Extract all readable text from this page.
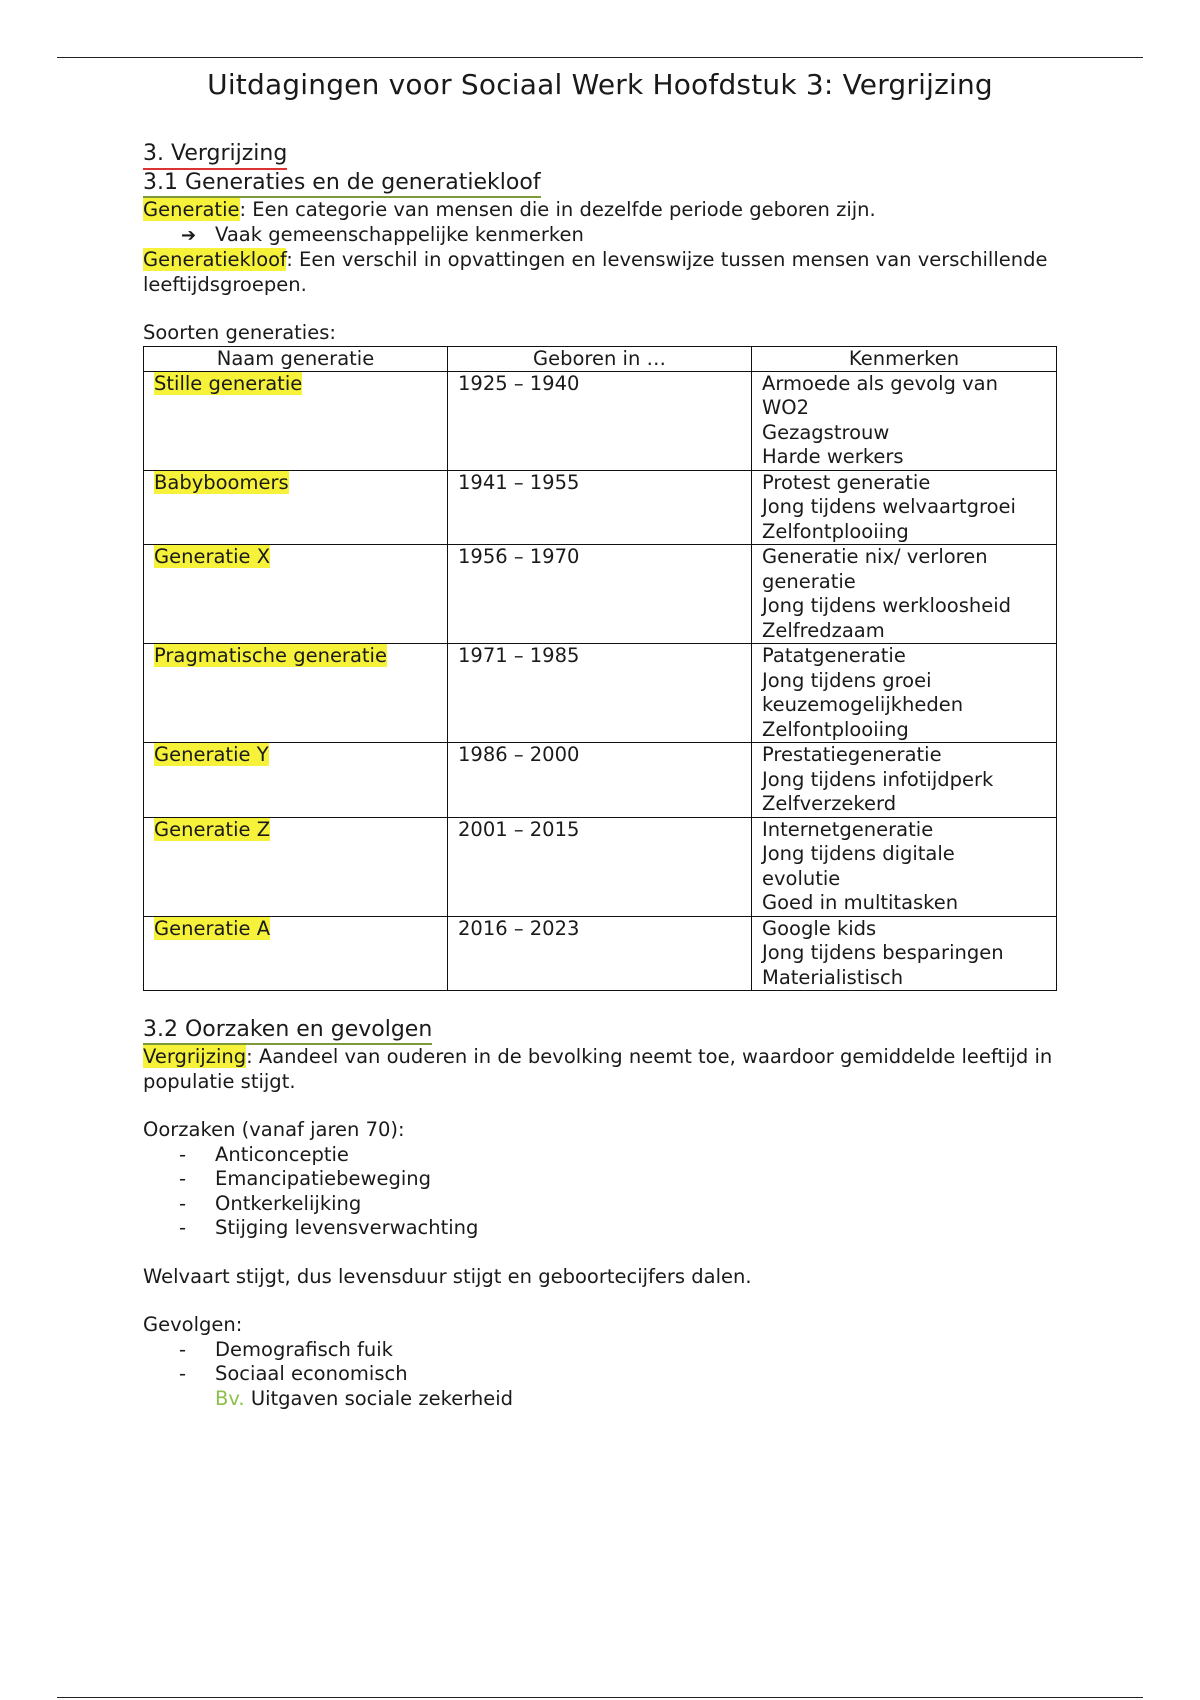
Uitdagingen voor Sociaal Werk Hoofdstuk 3: Vergrijzing
3. Vergrijzing
3.1 Generaties en de generatiekloof

Generatie: Een categorie van mensen die in dezelfde periode geboren zijn.

➔ Vaak gemeenschappelijke kenmerken

Generatiekloof: Een verschil in opvattingen en levenswijze tussen mensen van verschillende leeftijdsgroepen.

Soorten generaties:

Naam generatie	Geboren in …	Kenmerken
Stille generatie	1925 – 1940	Armoede als gevolg van
WO2
Gezagstrouw
Harde werkers

Babyboomers	1941 – 1955	Protest generatie
Jong tijdens welvaartgroei
Zelfontplooiing

Generatie X	1956 – 1970	Generatie nix/ verloren
generatie
Jong tijdens werkloosheid
Zelfredzaam

Pragmatische generatie	1971 – 1985	Patatgeneratie
Jong tijdens groei
keuzemogelijkheden
Zelfontplooiing

Generatie Y	1986 – 2000	Prestatiegeneratie
Jong tijdens infotijdperk
Zelfverzekerd

Generatie Z	2001 – 2015	Internetgeneratie
Jong tijdens digitale
evolutie
Goed in multitasken

Generatie A	2016 – 2023	Google kids
Jong tijdens besparingen
Materialistisch
3.2 Oorzaken en gevolgen

Vergrijzing: Aandeel van ouderen in de bevolking neemt toe, waardoor gemiddelde leeftijd in populatie stijgt.

Oorzaken (vanaf jaren 70):

- Anticonceptie
- Emancipatiebeweging
- Ontkerkelijking
- Stijging levensverwachting

Welvaart stijgt, dus levensduur stijgt en geboortecijfers dalen.

Gevolgen:

- Demografisch fuik
- Sociaal economisch

Bv. Uitgaven sociale zekerheid
